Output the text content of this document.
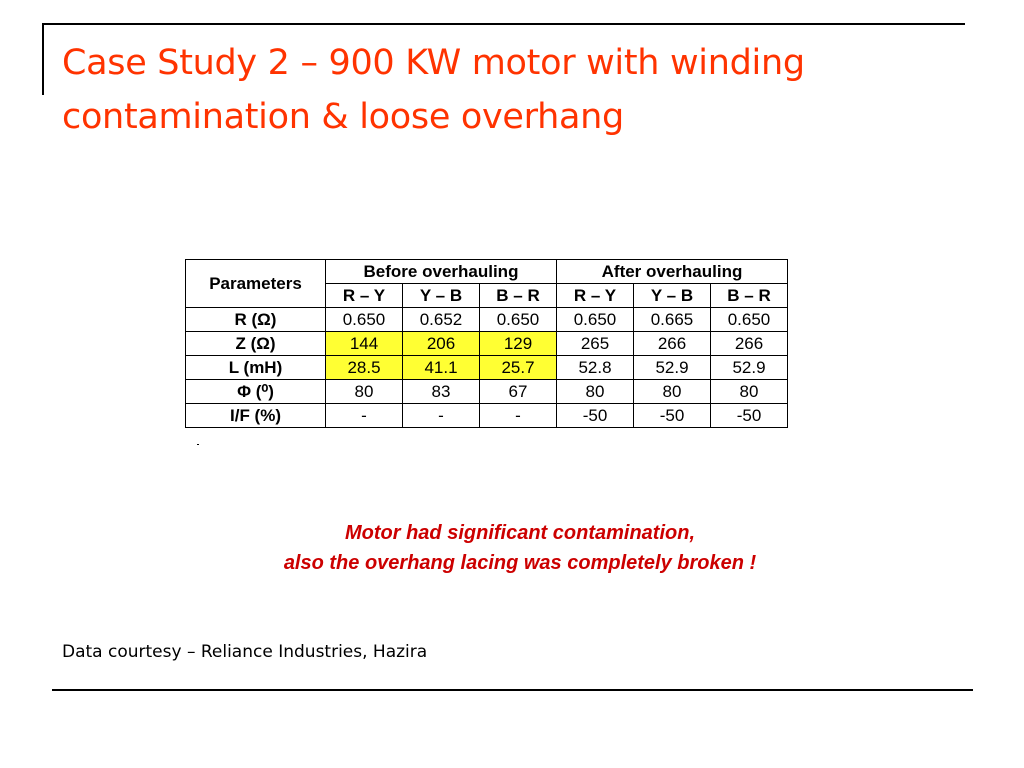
Case Study 2 – 900 KW motor with winding
contamination & loose overhang
Parameters	Before overhauling			After overhauling		
	R – Y	Y – B	B – R	R – Y	Y – B	B – R
R (Ω)	0.650	0.652	0.650	0.650	0.665	0.650
Z (Ω)	144	206	129	265	266	266
L (mH)	28.5	41.1	25.7	52.8	52.9	52.9
Φ (⁰)	80	83	67	80	80	80
I/F (%)	-	-	-	-50	-50	-50
Motor had significant contamination,
also the overhang lacing was completely broken !
Data courtesy – Reliance Industries, Hazira
